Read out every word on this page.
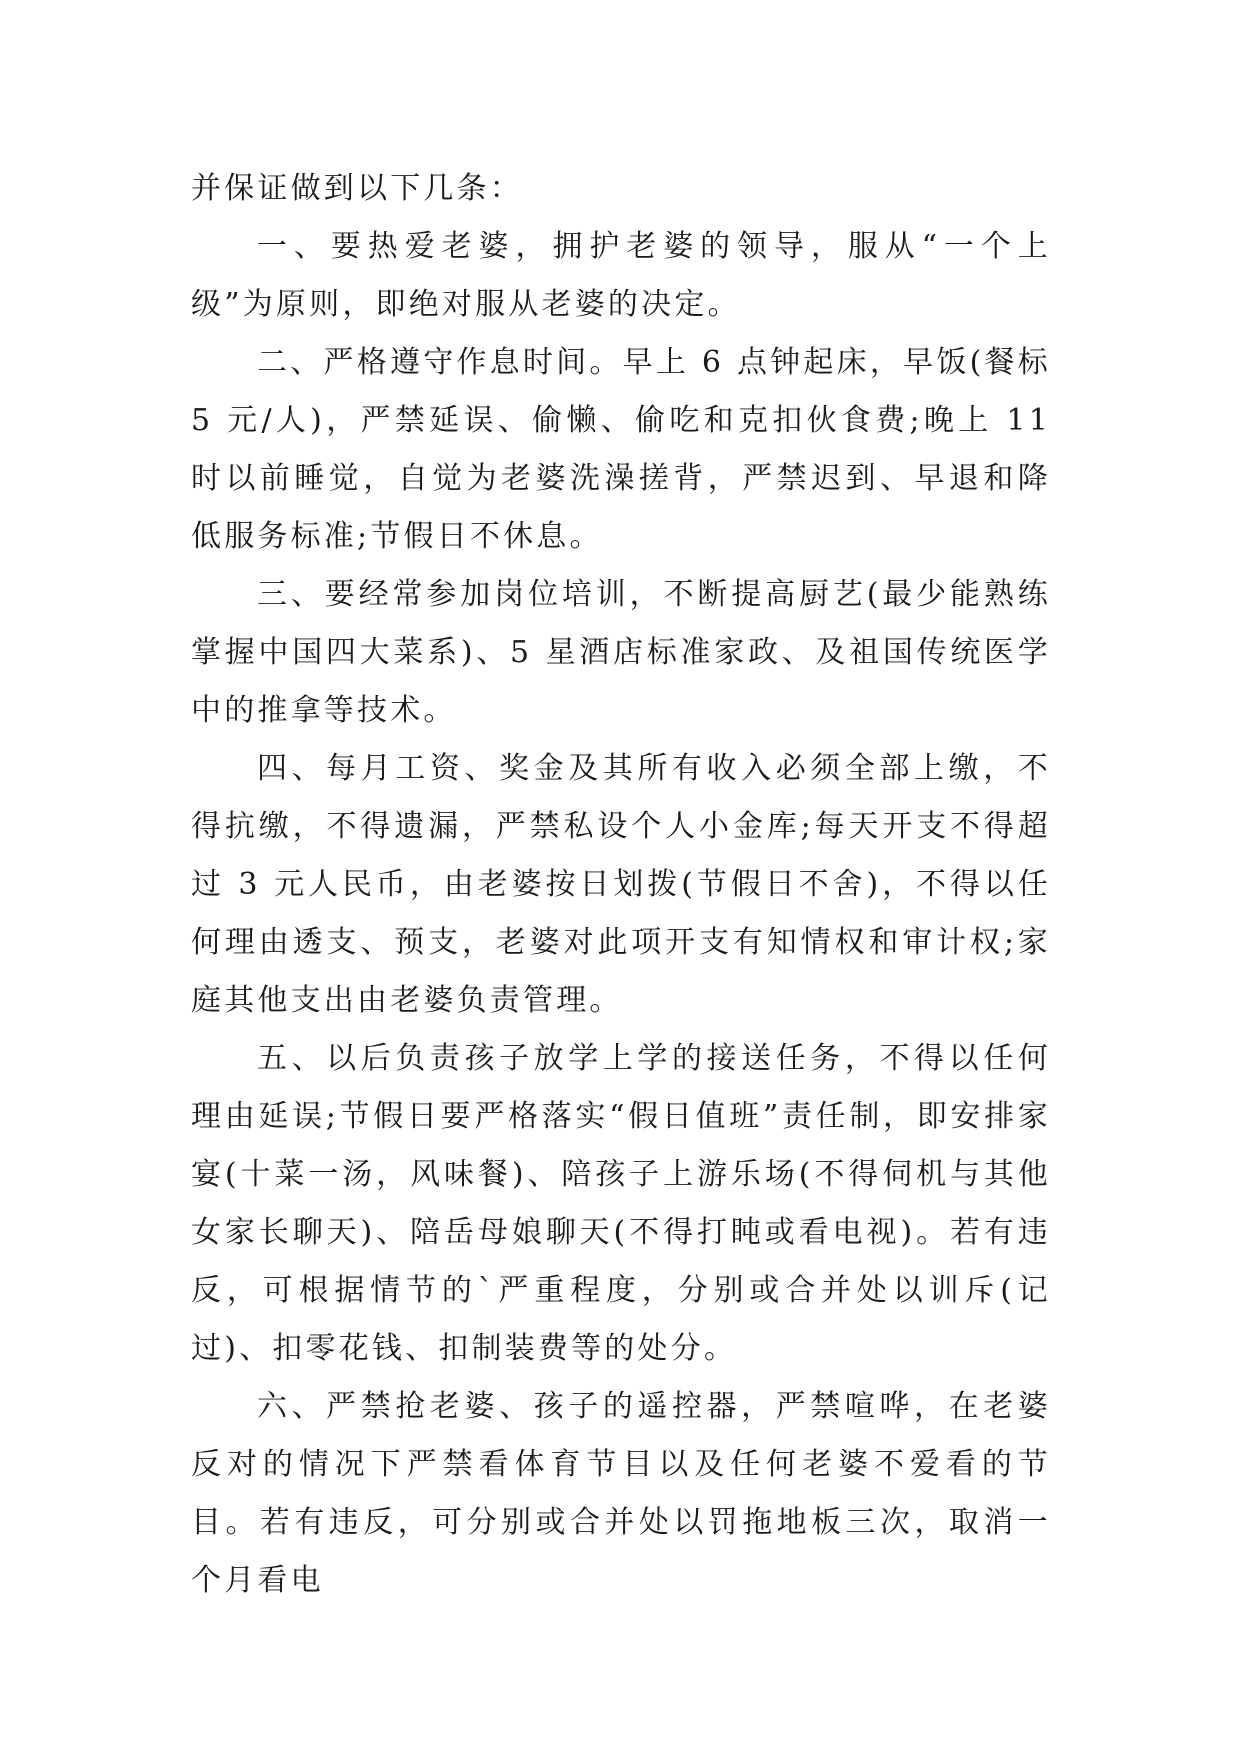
并保证做到以下几条：

一、要热爱老婆，拥护老婆的领导，服从“一个上级”为原则，即绝对服从老婆的决定。

二、严格遵守作息时间。早上 6 点钟起床，早饭(餐标 5 元/人)，严禁延误、偷懒、偷吃和克扣伙食费;晚上 11 时以前睡觉，自觉为老婆洗澡搓背，严禁迟到、早退和降低服务标准;节假日不休息。

三、要经常参加岗位培训，不断提高厨艺(最少能熟练掌握中国四大菜系)、5 星酒店标准家政、及祖国传统医学中的推拿等技术。

四、每月工资、奖金及其所有收入必须全部上缴，不得抗缴，不得遗漏，严禁私设个人小金库;每天开支不得超过 3 元人民币，由老婆按日划拨(节假日不舍)，不得以任何理由透支、预支，老婆对此项开支有知情权和审计权;家庭其他支出由老婆负责管理。

五、以后负责孩子放学上学的接送任务，不得以任何理由延误;节假日要严格落实“假日值班”责任制，即安排家宴(十菜一汤，风味餐)、陪孩子上游乐场(不得伺机与其他女家长聊天)、陪岳母娘聊天(不得打盹或看电视)。若有违反，可根据情节的`严重程度，分别或合并处以训斥(记过)、扣零花钱、扣制装费等的处分。

六、严禁抢老婆、孩子的遥控器，严禁喧哗，在老婆反对的情况下严禁看体育节目以及任何老婆不爱看的节目。若有违反，可分别或合并处以罚拖地板三次，取消一个月看电
